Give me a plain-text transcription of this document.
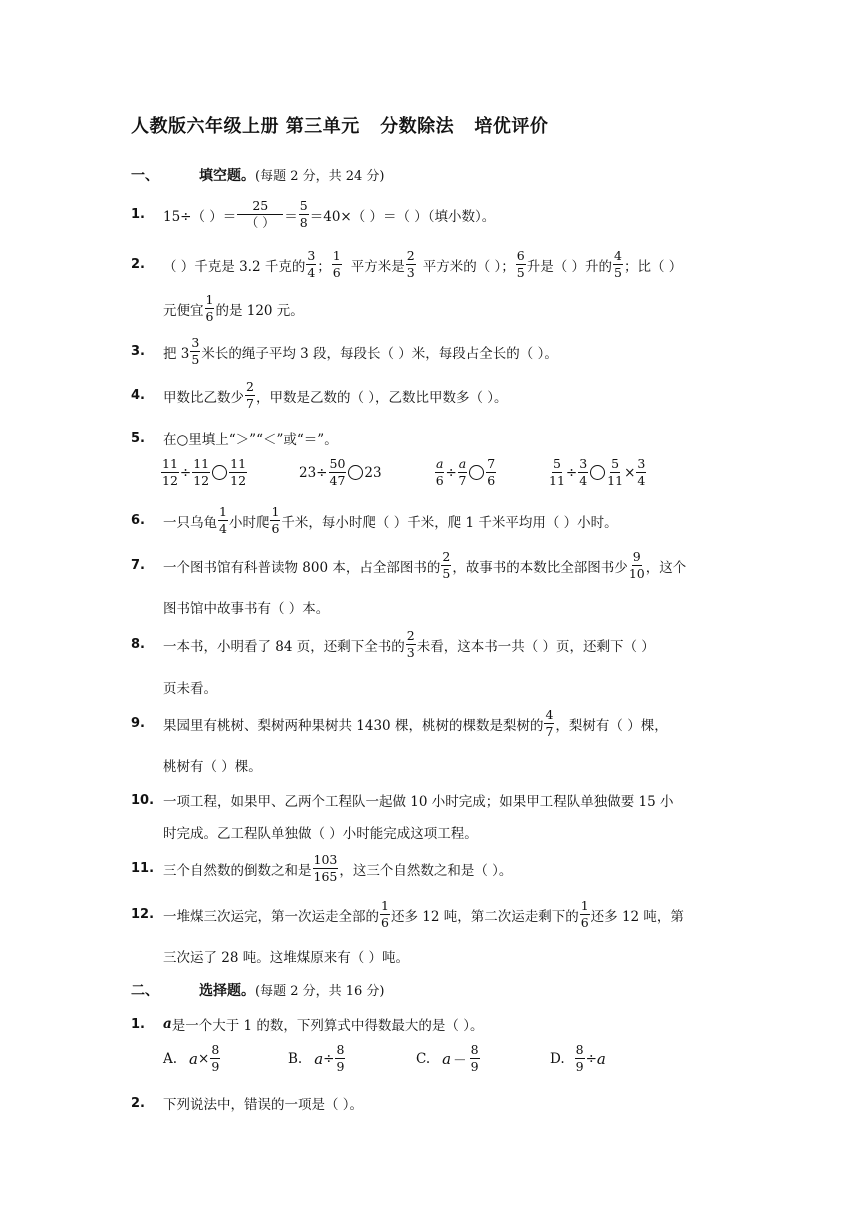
人教版六年级上册 第三单元   分数除法   培优评价
一、	填空题。(每题 2 分，共 24 分)
1.	15÷（ ）＝ $\frac{25}{( )} = \frac{5}{8} =40\times$（ ）＝（ ）（填小数）。
2.	（ ）千克是 3.2 千克的 $\frac{3}{4}$ ； $\frac{1}{6}$ 平方米是 $\frac{2}{3}$ 平方米的（ ）； $\frac{6}{5}$ 升是（ ）升的 $\frac{4}{5}$ ；比（ ）
元便宜 $\frac{1}{6}$ 的是 120 元。
3.	把 $3 \frac{3}{5}$ 米长的绳子平均 3 段，每段长（ ）米，每段占全长的（ ）。
4.	甲数比乙数少 $\frac{2}{7}$ ，甲数是乙数的（ ），乙数比甲数多（ ）。
5.	在○里填上“＞”“＜”或“＝”。
$\frac{11}{12} \div \frac{11}{12} \frac{11}{12}$	$23\div \frac{50}{47} 23$	$\frac{a}{6} \div \frac{a}{7} \frac{7}{6}$	$\frac{5}{11} \div \frac{3}{4} \frac{5}{11} \times \frac{3}{4}$
6.	一只乌龟 $\frac{1}{4}$ 小时爬 $\frac{1}{6}$ 千米，每小时爬（ ）千米，爬 1 千米平均用（ ）小时。
7.	一个图书馆有科普读物 800 本，占全部图书的 $\frac{2}{5}$ ，故事书的本数比全部图书少 $\frac{9}{10}$ ，这个
图书馆中故事书有（ ）本。
8.	一本书，小明看了 84 页，还剩下全书的 $\frac{2}{3}$ 未看，这本书一共（ ）页，还剩下（ ）
页未看。
9.	果园里有桃树、梨树两种果树共 1430 棵，桃树的棵数是梨树的 $\frac{4}{7}$ ，梨树有（ ）棵，
桃树有（ ）棵。
10. 一项工程，如果甲、乙两个工程队一起做 10 小时完成；如果甲工程队单独做要 15 小
时完成。乙工程队单独做（ ）小时能完成这项工程。
11. 三个自然数的倒数之和是 $\frac{103}{165}$ ，这三个自然数之和是（ ）。
12. 一堆煤三次运完，第一次运走全部的 $\frac{1}{6}$ 还多 12 吨，第二次运走剩下的 $\frac{1}{6}$ 还多 12 吨，第
三次运了 28 吨。这堆煤原来有（ ）吨。
二、	选择题。(每题 2 分，共 16 分)
1.	a 是一个大于 1 的数，下列算式中得数最大的是（ ）。
A. $a \times \frac{8}{9}$	B. $a \div \frac{8}{9}$	C. $a - \frac{8}{9}$	D. $\frac{8}{9} \div a$
2.	下列说法中，错误的一项是（ ）。
